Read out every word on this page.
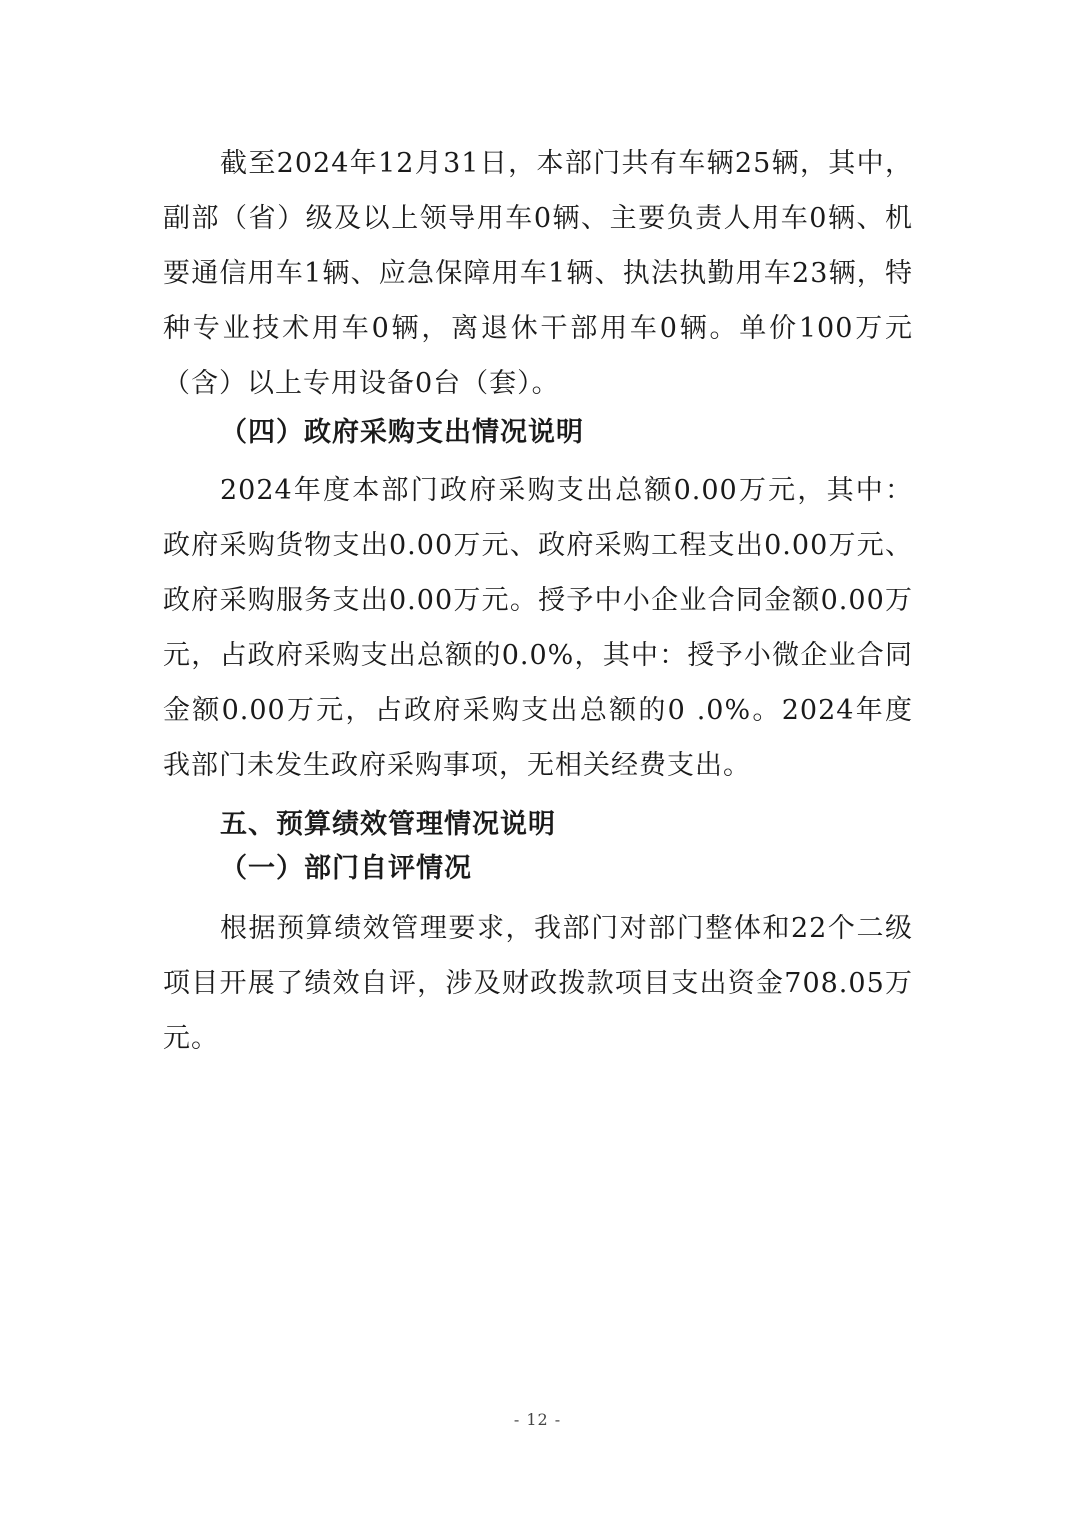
截至2024年12月31日，本部门共有车辆25辆，其中，副部（省）级及以上领导用车0辆、主要负责人用车0辆、机要通信用车1辆、应急保障用车1辆、执法执勤用车23辆，特种专业技术用车0辆，离退休干部用车0辆。单价100万元（含）以上专用设备0台（套）。

（四）政府采购支出情况说明

2024年度本部门政府采购支出总额0.00万元，其中：政府采购货物支出0.00万元、政府采购工程支出0.00万元、政府采购服务支出0.00万元。授予中小企业合同金额0.00万元，占政府采购支出总额的0.0%，其中：授予小微企业合同金额0.00万元，占政府采购支出总额的0 .0%。2024年度我部门未发生政府采购事项，无相关经费支出。

五、预算绩效管理情况说明
（一）部门自评情况

根据预算绩效管理要求，我部门对部门整体和22个二级项目开展了绩效自评，涉及财政拨款项目支出资金708.05万元。

- 12 -
